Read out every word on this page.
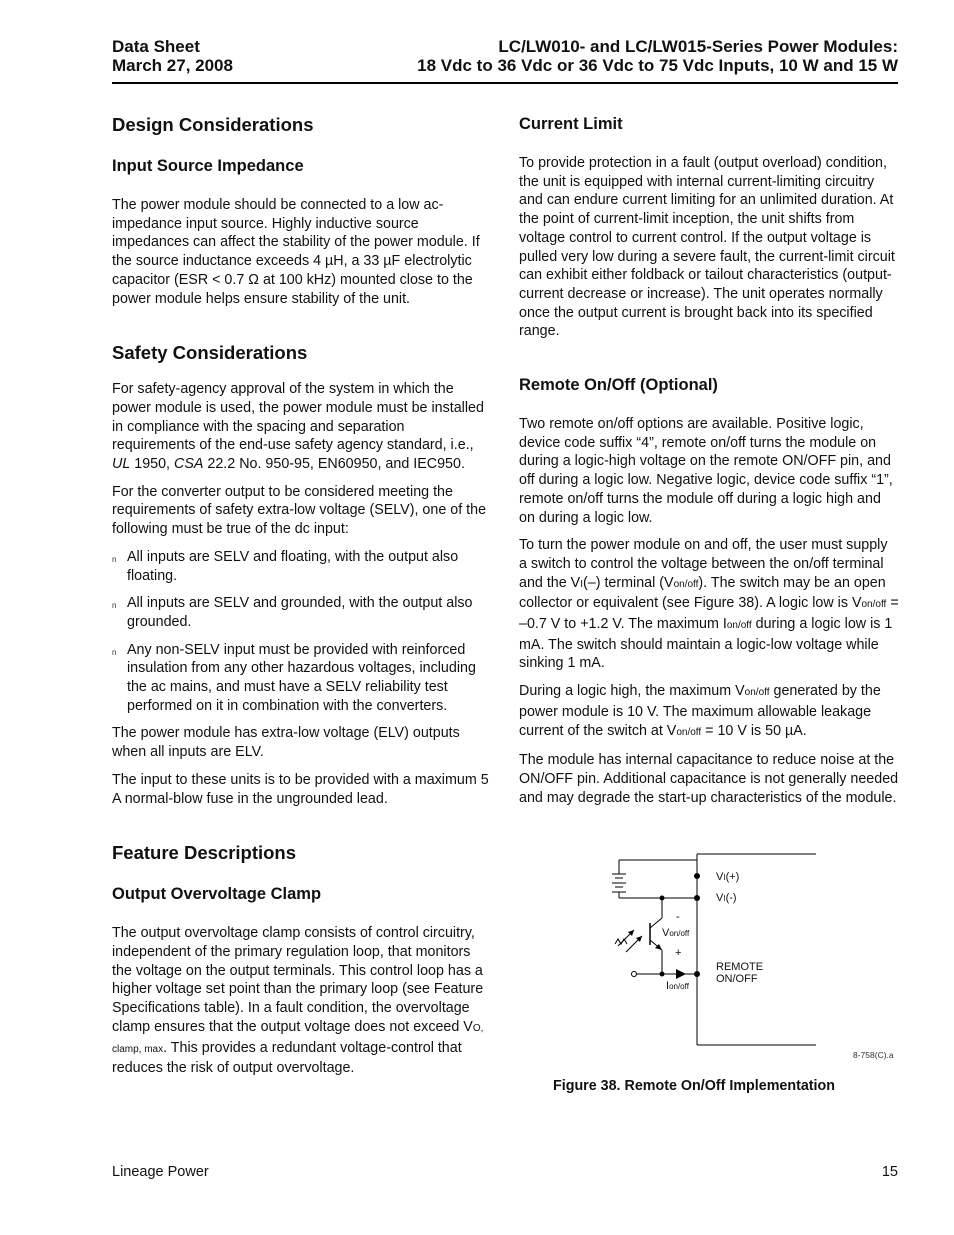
Data Sheet
March 27, 2008
LC/LW010- and LC/LW015-Series Power Modules:
18 Vdc to 36 Vdc or 36 Vdc to 75 Vdc Inputs, 10 W and 15 W
Design Considerations
Input Source Impedance

The power module should be connected to a low ac-impedance input source. Highly inductive source impedances can affect the stability of the power module. If the source inductance exceeds 4 µH, a 33 µF electrolytic capacitor (ESR < 0.7 Ω at 100 kHz) mounted close to the power module helps ensure stability of the unit.

Safety Considerations

For safety-agency approval of the system in which the power module is used, the power module must be installed in compliance with the spacing and separation requirements of the end-use safety agency standard, i.e., UL 1950, CSA 22.2 No. 950-95, EN60950, and IEC950.

For the converter output to be considered meeting the requirements of safety extra-low voltage (SELV), one of the following must be true of the dc input:

n All inputs are SELV and floating, with the output also floating.
n All inputs are SELV and grounded, with the output also grounded.
n Any non-SELV input must be provided with reinforced insulation from any other hazardous voltages, including the ac mains, and must have a SELV reliability test performed on it in combination with the converters.

The power module has extra-low voltage (ELV) outputs when all inputs are ELV.

The input to these units is to be provided with a maximum 5 A normal-blow fuse in the ungrounded lead.

Feature Descriptions
Output Overvoltage Clamp

The output overvoltage clamp consists of control circuitry, independent of the primary regulation loop, that monitors the voltage on the output terminals. This control loop has a higher voltage set point than the primary loop (see Feature Specifications table). In a fault condition, the overvoltage clamp ensures that the output voltage does not exceed VO, clamp, max. This provides a redundant voltage-control that reduces the risk of output overvoltage.

Current Limit

To provide protection in a fault (output overload) condition, the unit is equipped with internal current-limiting circuitry and can endure current limiting for an unlimited duration. At the point of current-limit inception, the unit shifts from voltage control to current control. If the output voltage is pulled very low during a severe fault, the current-limit circuit can exhibit either foldback or tailout characteristics (output-current decrease or increase). The unit operates normally once the output current is brought back into its specified range.

Remote On/Off (Optional)

Two remote on/off options are available. Positive logic, device code suffix “4”, remote on/off turns the module on during a logic-high voltage on the remote ON/OFF pin, and off during a logic low. Negative logic, device code suffix “1”, remote on/off turns the module off during a logic high and on during a logic low.

To turn the power module on and off, the user must supply a switch to control the voltage between the on/off terminal and the VI(–) terminal (Von/off). The switch may be an open collector or equivalent (see Figure 38). A logic low is Von/off = –0.7 V to +1.2 V. The maximum Ion/off during a logic low is 1 mA. The switch should maintain a logic-low voltage while sinking 1 mA.

During a logic high, the maximum Von/off generated by the power module is 10 V. The maximum allowable leakage current of the switch at Von/off = 10 V is 50 µA.

The module has internal capacitance to reduce noise at the ON/OFF pin. Additional capacitance is not generally needed and may degrade the start-up characteristics of the module.

VI(+)
VI(-)
-
Von/off
+
REMOTE
ON/OFF
Ion/off
8-758(C).a
Figure 38. Remote On/Off Implementation
Lineage Power	15
